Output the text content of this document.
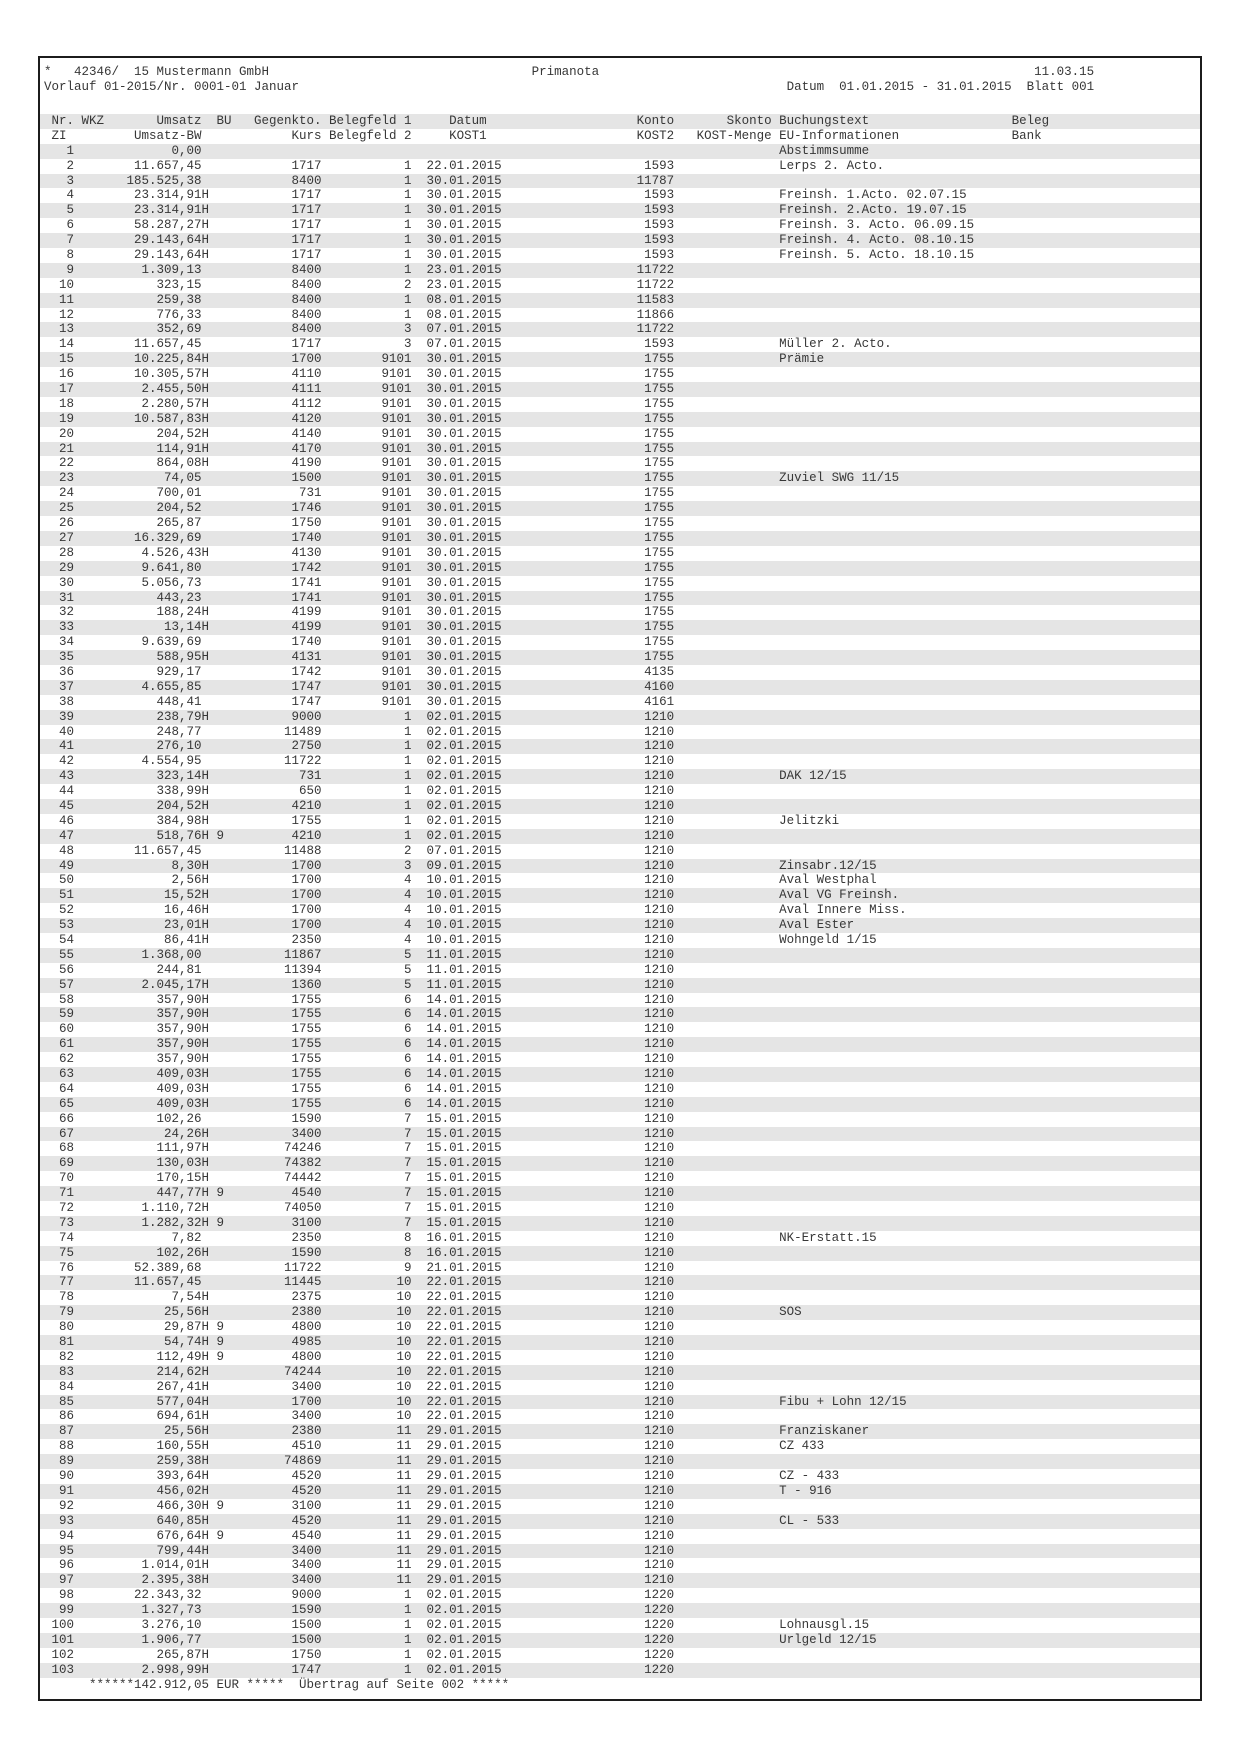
*   42346/  15 Mustermann GmbH                                   Primanota                                                          11.03.15
Vorlauf 01-2015/Nr. 0001-01 Januar                                                                 Datum  01.01.2015 - 31.01.2015  Blatt 001
Nr. WKZ       Umsatz  BU   Gegenkto. Belegfeld 1     Datum                    Konto       Skonto Buchungstext                   Beleg
ZI         Umsatz-BW            Kurs Belegfeld 2     KOST1                    KOST2   KOST-Menge EU-Informationen               Bank
1             0,00                                                                             Abstimmsumme
2        11.657,45            1717           1  22.01.2015                   1593              Lerps 2. Acto.
3       185.525,38            8400           1  30.01.2015                  11787
4        23.314,91H           1717           1  30.01.2015                   1593              Freinsh. 1.Acto. 02.07.15
5        23.314,91H           1717           1  30.01.2015                   1593              Freinsh. 2.Acto. 19.07.15
6        58.287,27H           1717           1  30.01.2015                   1593              Freinsh. 3. Acto. 06.09.15
7        29.143,64H           1717           1  30.01.2015                   1593              Freinsh. 4. Acto. 08.10.15
8        29.143,64H           1717           1  30.01.2015                   1593              Freinsh. 5. Acto. 18.10.15
9         1.309,13            8400           1  23.01.2015                  11722
10           323,15            8400           2  23.01.2015                  11722
11           259,38            8400           1  08.01.2015                  11583
12           776,33            8400           1  08.01.2015                  11866
13           352,69            8400           3  07.01.2015                  11722
14        11.657,45            1717           3  07.01.2015                   1593              Müller 2. Acto.
15        10.225,84H           1700        9101  30.01.2015                   1755              Prämie
16        10.305,57H           4110        9101  30.01.2015                   1755
17         2.455,50H           4111        9101  30.01.2015                   1755
18         2.280,57H           4112        9101  30.01.2015                   1755
19        10.587,83H           4120        9101  30.01.2015                   1755
20           204,52H           4140        9101  30.01.2015                   1755
21           114,91H           4170        9101  30.01.2015                   1755
22           864,08H           4190        9101  30.01.2015                   1755
23            74,05            1500        9101  30.01.2015                   1755              Zuviel SWG 11/15
24           700,01             731        9101  30.01.2015                   1755
25           204,52            1746        9101  30.01.2015                   1755
26           265,87            1750        9101  30.01.2015                   1755
27        16.329,69            1740        9101  30.01.2015                   1755
28         4.526,43H           4130        9101  30.01.2015                   1755
29         9.641,80            1742        9101  30.01.2015                   1755
30         5.056,73            1741        9101  30.01.2015                   1755
31           443,23            1741        9101  30.01.2015                   1755
32           188,24H           4199        9101  30.01.2015                   1755
33            13,14H           4199        9101  30.01.2015                   1755
34         9.639,69            1740        9101  30.01.2015                   1755
35           588,95H           4131        9101  30.01.2015                   1755
36           929,17            1742        9101  30.01.2015                   4135
37         4.655,85            1747        9101  30.01.2015                   4160
38           448,41            1747        9101  30.01.2015                   4161
39           238,79H           9000           1  02.01.2015                   1210
40           248,77           11489           1  02.01.2015                   1210
41           276,10            2750           1  02.01.2015                   1210
42         4.554,95           11722           1  02.01.2015                   1210
43           323,14H            731           1  02.01.2015                   1210              DAK 12/15
44           338,99H            650           1  02.01.2015                   1210
45           204,52H           4210           1  02.01.2015                   1210
46           384,98H           1755           1  02.01.2015                   1210              Jelitzki
47           518,76H 9         4210           1  02.01.2015                   1210
48        11.657,45           11488           2  07.01.2015                   1210
49             8,30H           1700           3  09.01.2015                   1210              Zinsabr.12/15
50             2,56H           1700           4  10.01.2015                   1210              Aval Westphal
51            15,52H           1700           4  10.01.2015                   1210              Aval VG Freinsh.
52            16,46H           1700           4  10.01.2015                   1210              Aval Innere Miss.
53            23,01H           1700           4  10.01.2015                   1210              Aval Ester
54            86,41H           2350           4  10.01.2015                   1210              Wohngeld 1/15
55         1.368,00           11867           5  11.01.2015                   1210
56           244,81           11394           5  11.01.2015                   1210
57         2.045,17H           1360           5  11.01.2015                   1210
58           357,90H           1755           6  14.01.2015                   1210
59           357,90H           1755           6  14.01.2015                   1210
60           357,90H           1755           6  14.01.2015                   1210
61           357,90H           1755           6  14.01.2015                   1210
62           357,90H           1755           6  14.01.2015                   1210
63           409,03H           1755           6  14.01.2015                   1210
64           409,03H           1755           6  14.01.2015                   1210
65           409,03H           1755           6  14.01.2015                   1210
66           102,26            1590           7  15.01.2015                   1210
67            24,26H           3400           7  15.01.2015                   1210
68           111,97H          74246           7  15.01.2015                   1210
69           130,03H          74382           7  15.01.2015                   1210
70           170,15H          74442           7  15.01.2015                   1210
71           447,77H 9         4540           7  15.01.2015                   1210
72         1.110,72H          74050           7  15.01.2015                   1210
73         1.282,32H 9         3100           7  15.01.2015                   1210
74             7,82            2350           8  16.01.2015                   1210              NK-Erstatt.15
75           102,26H           1590           8  16.01.2015                   1210
76        52.389,68           11722           9  21.01.2015                   1210
77        11.657,45           11445          10  22.01.2015                   1210
78             7,54H           2375          10  22.01.2015                   1210
79            25,56H           2380          10  22.01.2015                   1210              SOS
80            29,87H 9         4800          10  22.01.2015                   1210
81            54,74H 9         4985          10  22.01.2015                   1210
82           112,49H 9         4800          10  22.01.2015                   1210
83           214,62H          74244          10  22.01.2015                   1210
84           267,41H           3400          10  22.01.2015                   1210
85           577,04H           1700          10  22.01.2015                   1210              Fibu + Lohn 12/15
86           694,61H           3400          10  22.01.2015                   1210
87            25,56H           2380          11  29.01.2015                   1210              Franziskaner
88           160,55H           4510          11  29.01.2015                   1210              CZ 433
89           259,38H          74869          11  29.01.2015                   1210
90           393,64H           4520          11  29.01.2015                   1210              CZ - 433
91           456,02H           4520          11  29.01.2015                   1210              T - 916
92           466,30H 9         3100          11  29.01.2015                   1210
93           640,85H           4520          11  29.01.2015                   1210              CL - 533
94           676,64H 9         4540          11  29.01.2015                   1210
95           799,44H           3400          11  29.01.2015                   1210
96         1.014,01H           3400          11  29.01.2015                   1210
97         2.395,38H           3400          11  29.01.2015                   1210
98        22.343,32            9000           1  02.01.2015                   1220
99         1.327,73            1590           1  02.01.2015                   1220
100         3.276,10            1500           1  02.01.2015                   1220              Lohnausgl.15
101         1.906,77            1500           1  02.01.2015                   1220              Urlgeld 12/15
102           265,87H           1750           1  02.01.2015                   1220
103         2.998,99H           1747           1  02.01.2015                   1220
******142.912,05 EUR *****  Übertrag auf Seite 002 *****
